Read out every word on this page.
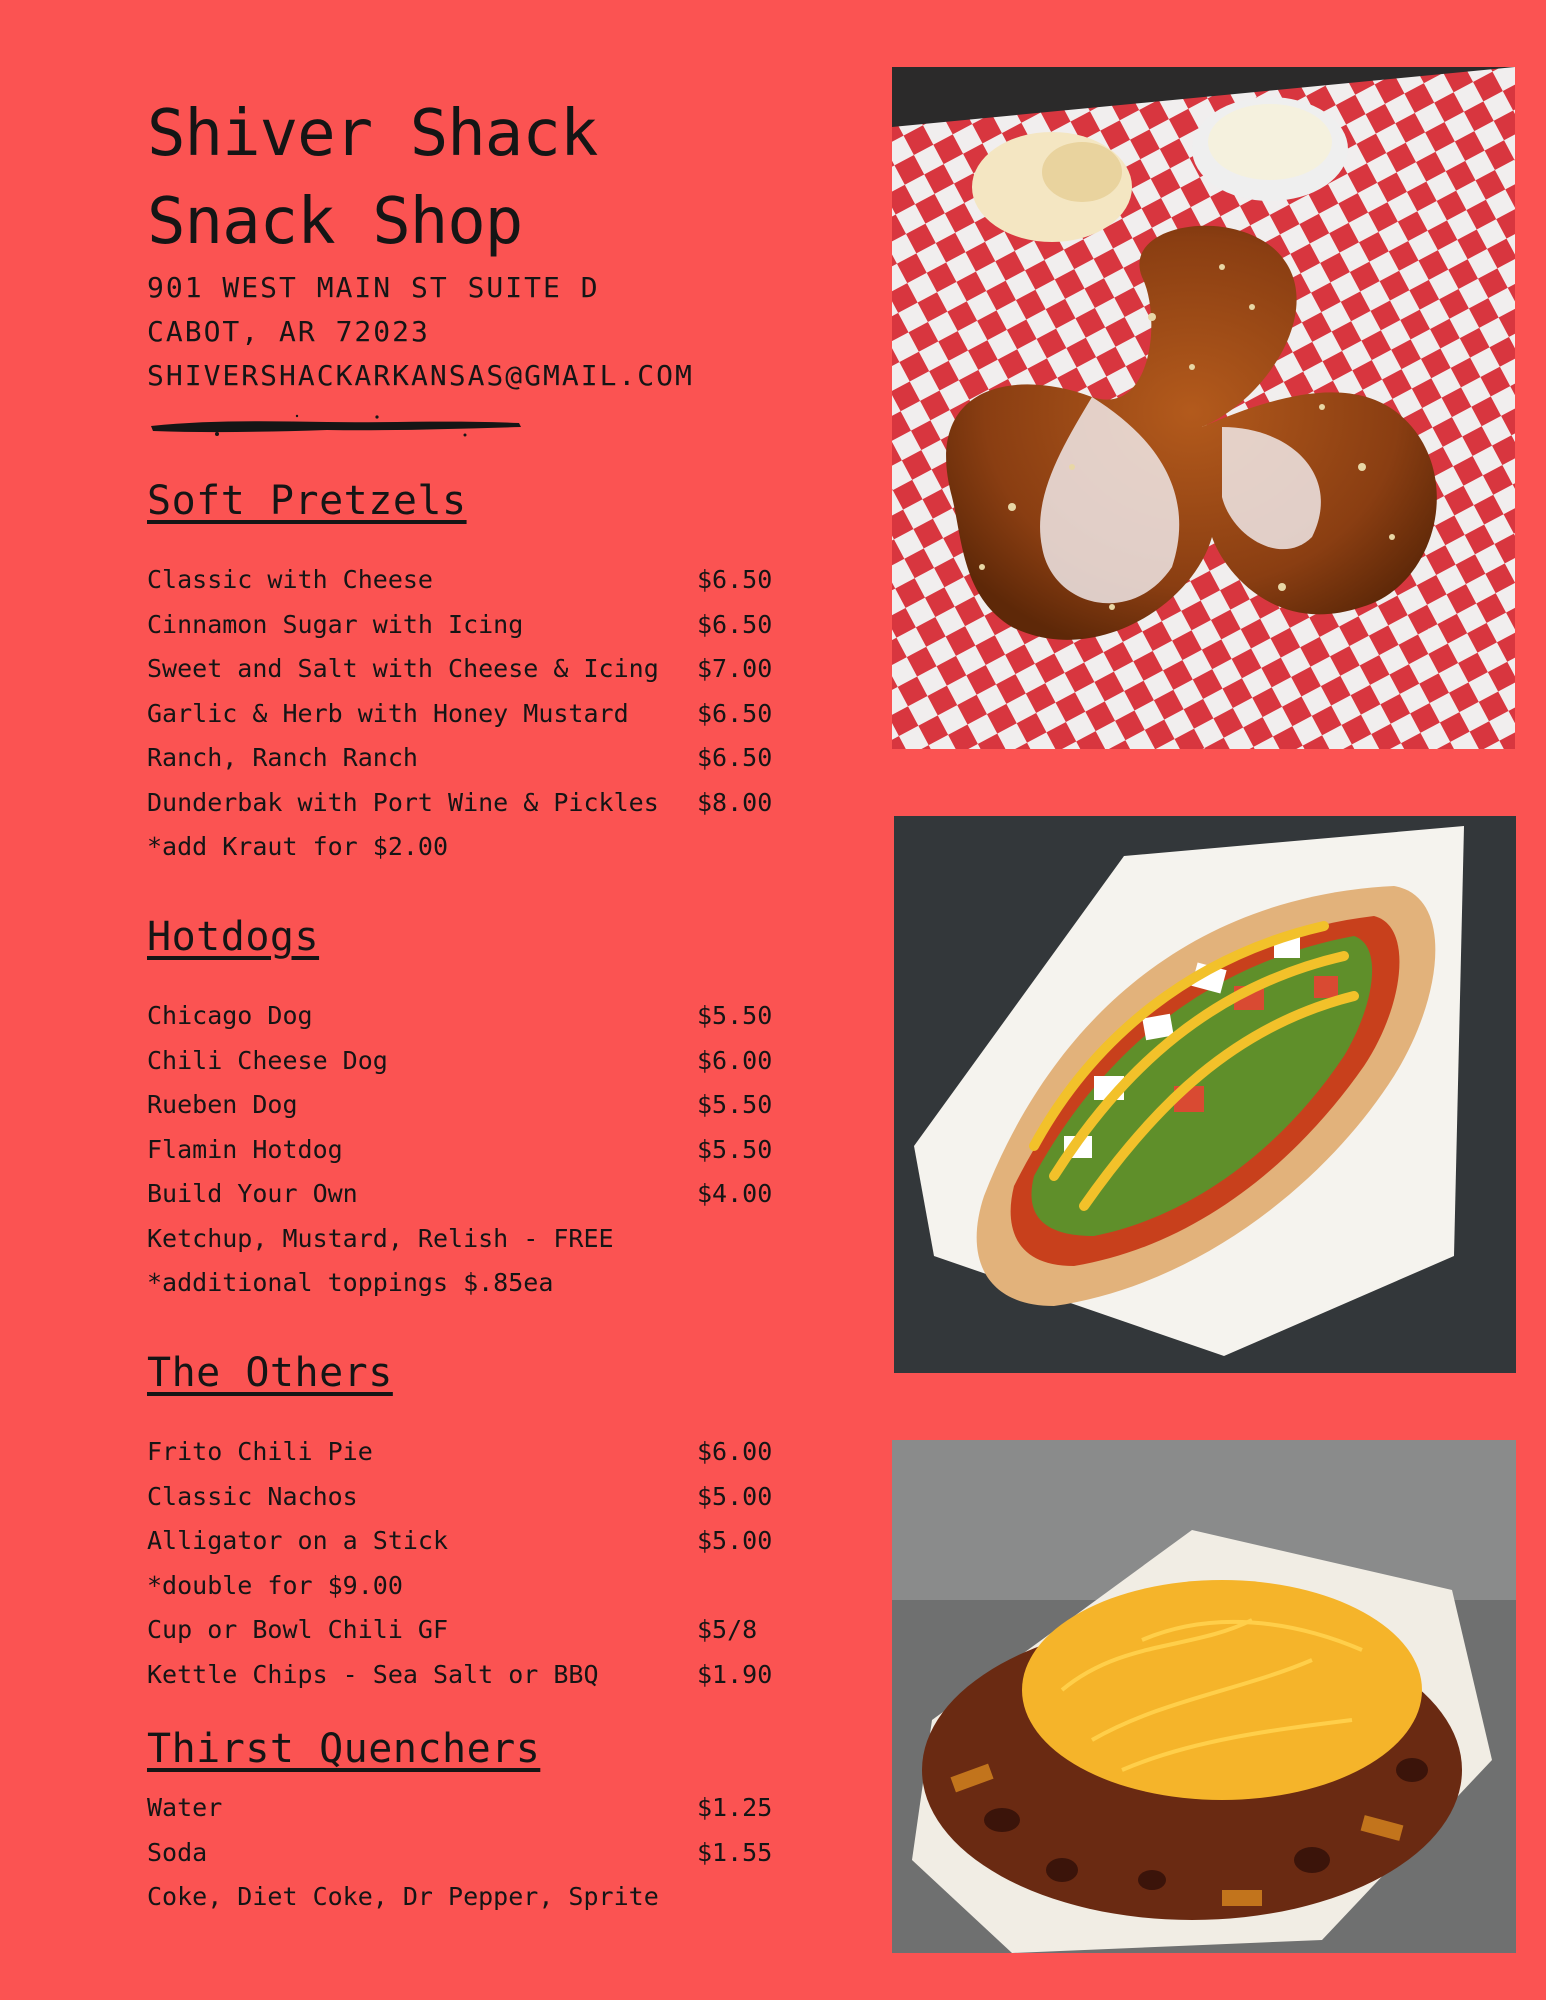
Shiver Shack
Snack Shop
901 WEST MAIN ST SUITE D
CABOT, AR 72023
SHIVERSHACKARKANSAS@GMAIL.COM
Soft Pretzels
Classic with Cheese	$6.50
Cinnamon Sugar with Icing	$6.50
Sweet and Salt with Cheese & Icing $7.00
Garlic & Herb with Honey Mustard	$6.50
Ranch, Ranch Ranch	$6.50
Dunderbak with Port Wine & Pickles $8.00
*add Kraut for $2.00
Hotdogs
Chicago Dog	$5.50
Chili Cheese Dog	$6.00
Rueben Dog	$5.50
Flamin Hotdog	$5.50
Build Your Own	$4.00
Ketchup, Mustard, Relish - FREE
*additional toppings $.85ea
The Others
Frito Chili Pie	$6.00
Classic Nachos	$5.00
Alligator on a Stick	$5.00
*double for $9.00
Cup or Bowl Chili GF	$5/8
Kettle Chips - Sea Salt or BBQ	$1.90
Thirst Quenchers
Water	$1.25
Soda	$1.55
Coke, Diet Coke, Dr Pepper, Sprite
